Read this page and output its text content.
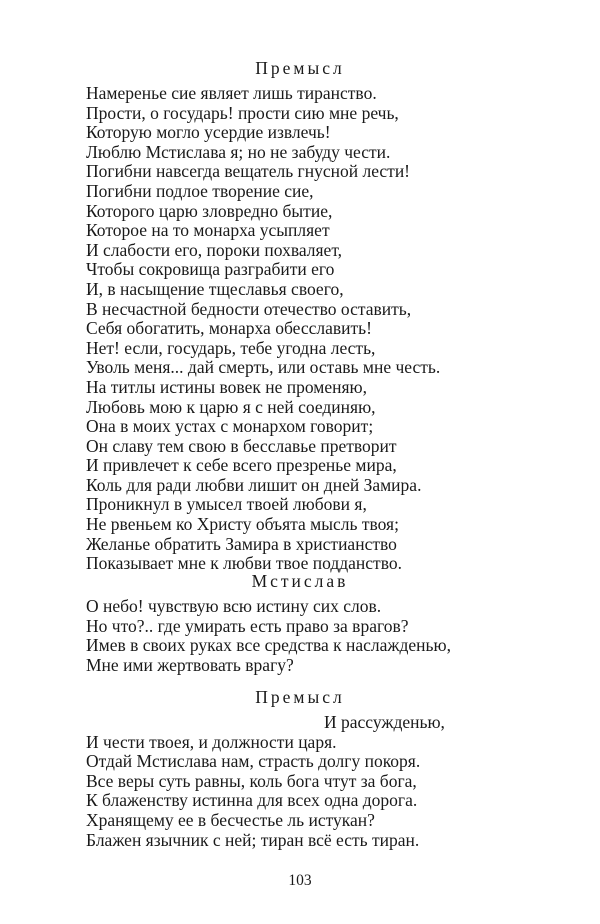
Премысл
Намеренье сие являет лишь тиранство.
Прости, о государь! прости сию мне речь,
Которую могло усердие извлечь!
Люблю Мстислава я; но не забуду чести.
Погибни навсегда вещатель гнусной лести!
Погибни подлое творение сие,
Которого царю зловредно бытие,
Которое на то монарха усыпляет
И слабости его, пороки похваляет,
Чтобы сокровища разграбити его
И, в насыщение тщеславья своего,
В несчастной бедности отечество оставить,
Себя обогатить, монарха обесславить!
Нет! если, государь, тебе угодна лесть,
Уволь меня... дай смерть, или оставь мне честь.
На титлы истины вовек не променяю,
Любовь мою к царю я с ней соединяю,
Она в моих устах с монархом говорит;
Он славу тем свою в бесславье претворит
И привлечет к себе всего презренье мира,
Коль для ради любви лишит он дней Замира.
Проникнул в умысел твоей любови я,
Не рвеньем ко Христу объята мысль твоя;
Желанье обратить Замира в христианство
Показывает мне к любви твое подданство.
Мстислав
О небо! чувствую всю истину сих слов.
Но что?.. где умирать есть право за врагов?
Имев в своих руках все средства к наслажденью,
Мне ими жертвовать врагу?
Премысл
И рассужденью,
И чести твоея, и должности царя.
Отдай Мстислава нам, страсть долгу покоря.
Все веры суть равны, коль бога чтут за бога,
К блаженству истинна для всех одна дорога.
Хранящему ее в бесчестье ль истукан?
Блажен язычник с ней; тиран всё есть тиран.
103
